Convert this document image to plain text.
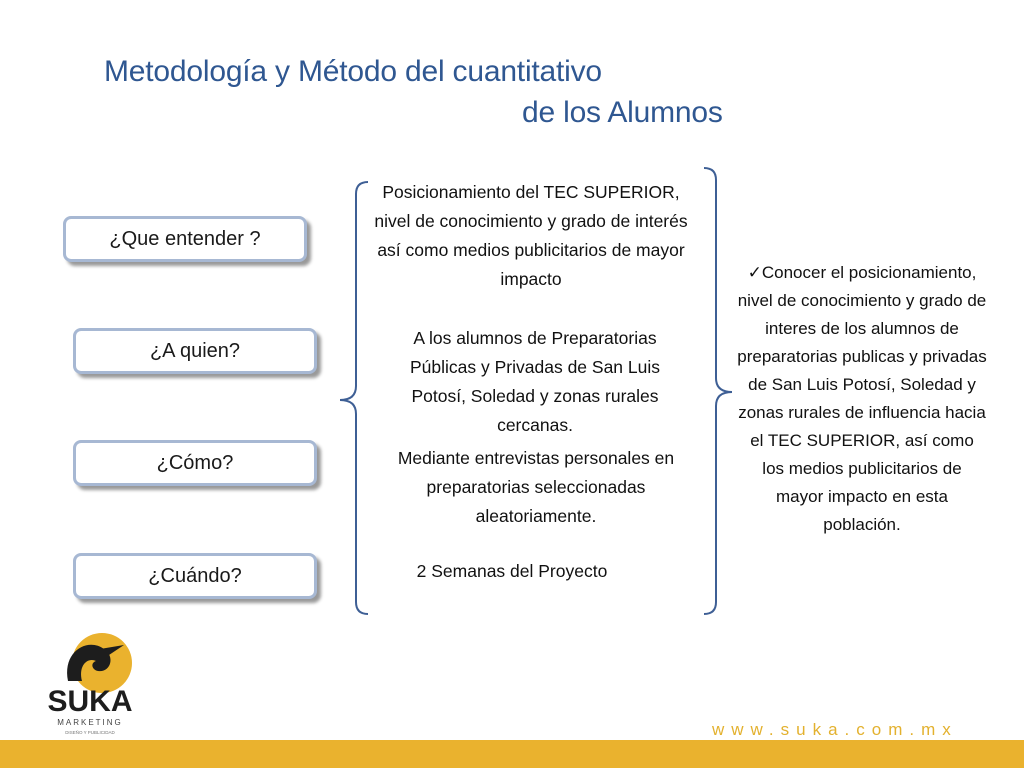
Metodología y Método del cuantitativo
de los Alumnos
¿Que entender ?
¿A quien?
¿Cómo?
¿Cuándo?
Posicionamiento del TEC SUPERIOR, nivel de conocimiento y grado de interés así como medios publicitarios de mayor impacto
A los alumnos de Preparatorias Públicas y Privadas de San Luis Potosí, Soledad y zonas rurales cercanas.
Mediante entrevistas personales en preparatorias seleccionadas aleatoriamente.
2 Semanas del Proyecto
✓Conocer el posicionamiento, nivel de conocimiento y grado de interes de los alumnos de preparatorias publicas y privadas de San Luis Potosí, Soledad y zonas rurales de influencia hacia el TEC SUPERIOR, así como los medios publicitarios de mayor impacto en esta población.
SUKA
MARKETING
DISEÑO Y PUBLICIDAD	www.suka.com.mx
